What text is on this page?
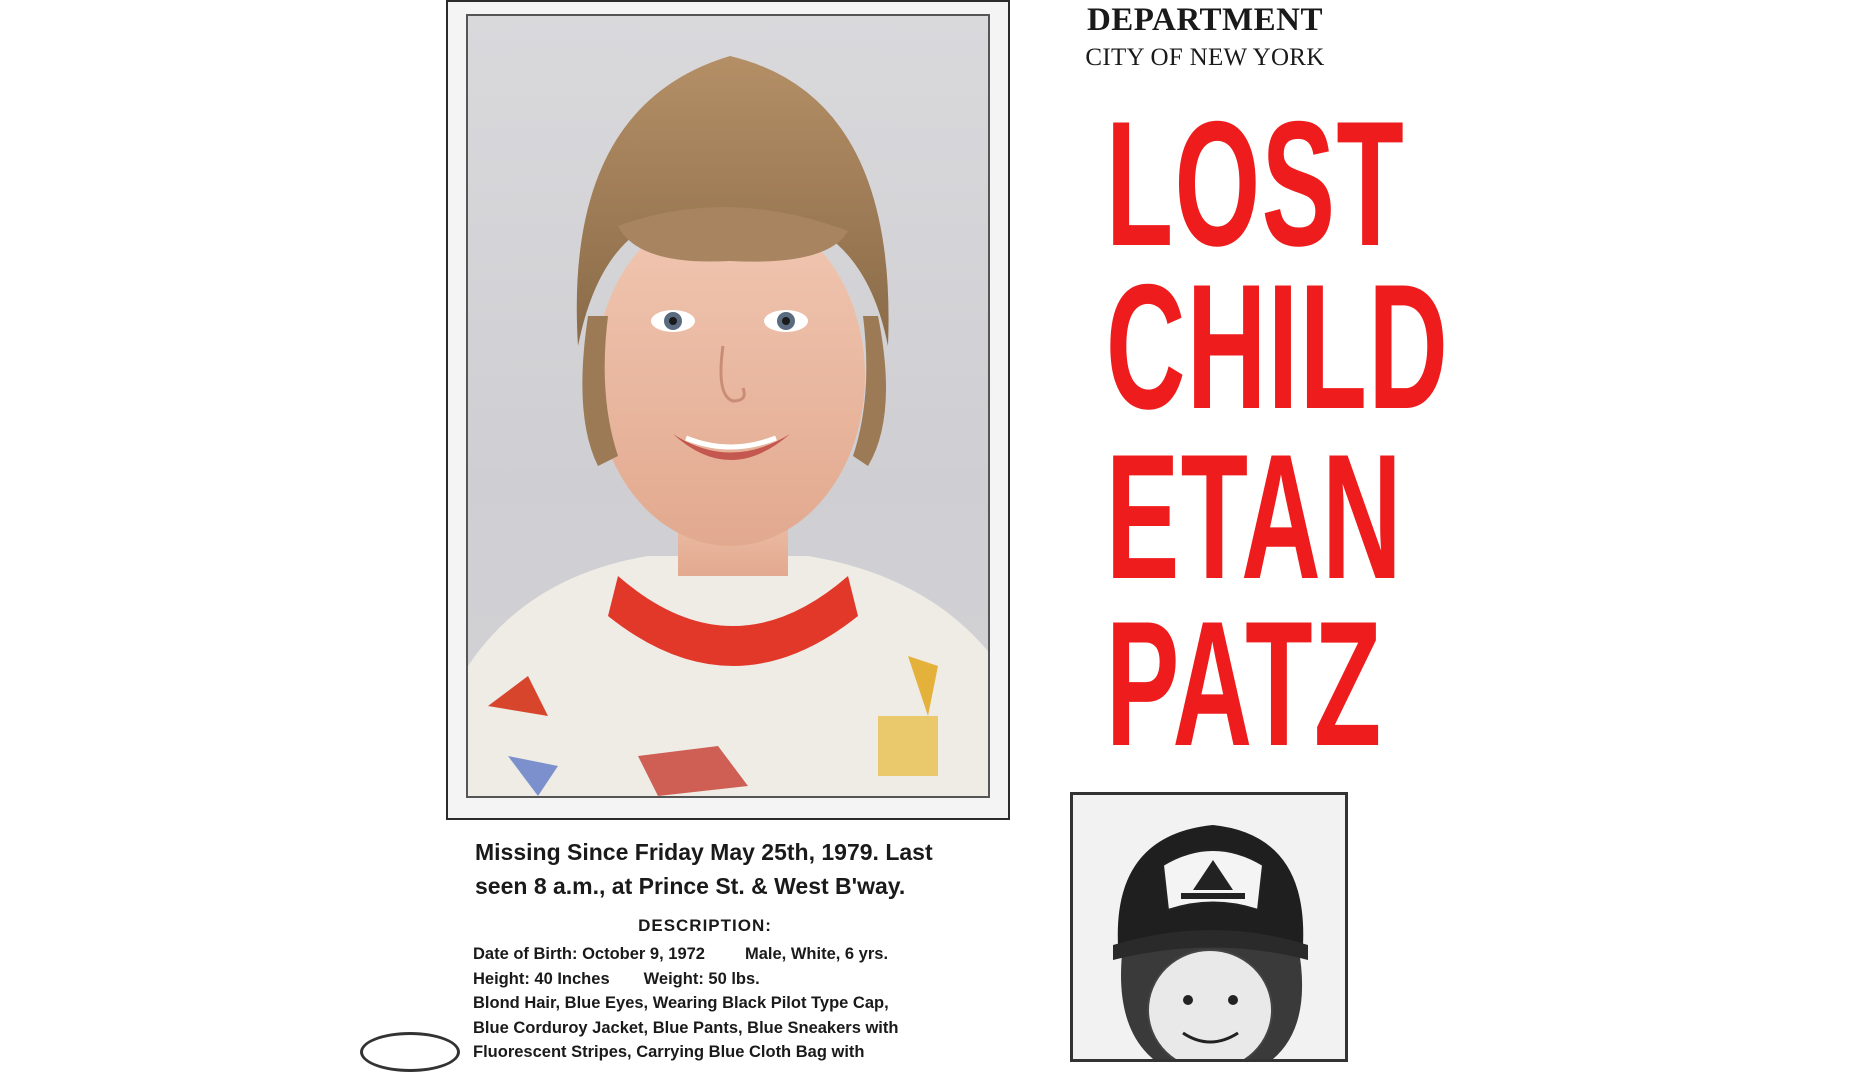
DEPARTMENT
CITY OF NEW YORK
LOST
CHILD
ETAN
PATZ
Missing Since Friday May 25th, 1979. Last
seen 8 a.m., at Prince St. & West B'way.
DESCRIPTION:
Date of Birth: October 9, 1972 Male, White, 6 yrs.
Height: 40 Inches Weight: 50 lbs.
Blond Hair, Blue Eyes, Wearing Black Pilot Type Cap,
Blue Corduroy Jacket, Blue Pants, Blue Sneakers with
Fluorescent Stripes, Carrying Blue Cloth Bag with
